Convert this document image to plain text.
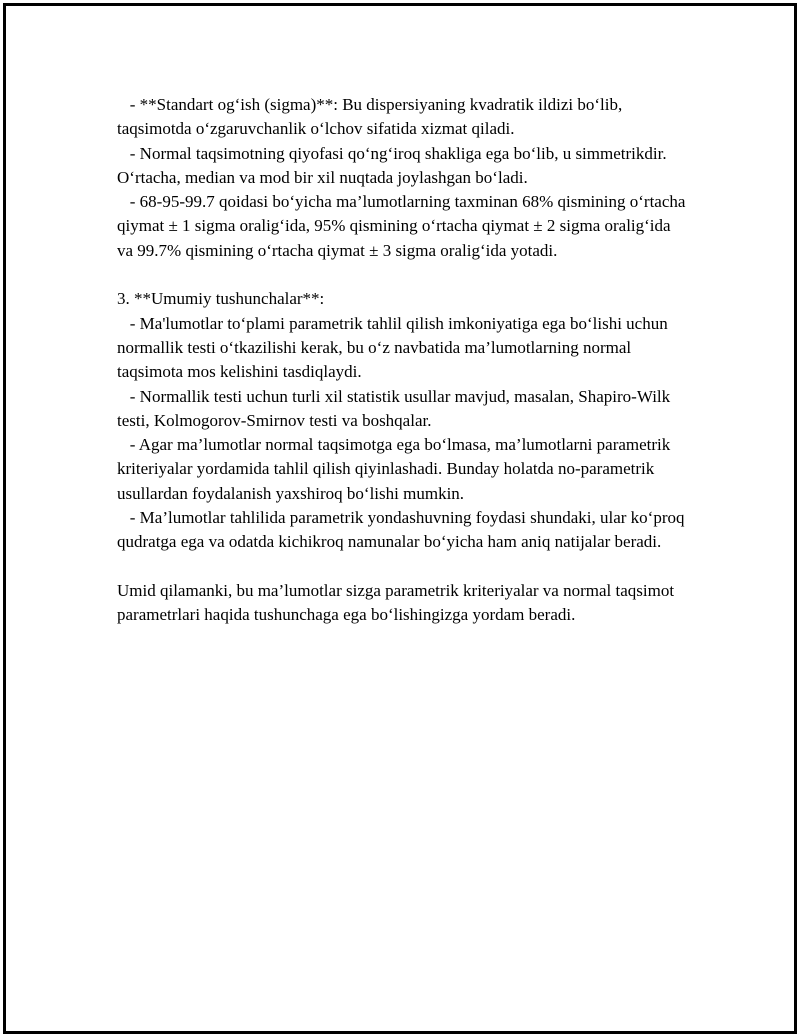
- **Standart og‘ish (sigma)**: Bu dispersiyaning kvadratik ildizi bo‘lib, taqsimotda o‘zgaruvchanlik o‘lchov sifatida xizmat qiladi.

- Normal taqsimotning qiyofasi qo‘ng‘iroq shakliga ega bo‘lib, u simmetrikdir. O‘rtacha, median va mod bir xil nuqtada joylashgan bo‘ladi.

- 68-95-99.7 qoidasi bo‘yicha ma’lumotlarning taxminan 68% qismining o‘rtacha qiymat ± 1 sigma oralig‘ida, 95% qismining o‘rtacha qiymat ± 2 sigma oralig‘ida va 99.7% qismining o‘rtacha qiymat ± 3 sigma oralig‘ida yotadi.

3. **Umumiy tushunchalar**:

- Ma'lumotlar to‘plami parametrik tahlil qilish imkoniyatiga ega bo‘lishi uchun normallik testi o‘tkazilishi kerak, bu o‘z navbatida ma’lumotlarning normal taqsimota mos kelishini tasdiqlaydi.

- Normallik testi uchun turli xil statistik usullar mavjud, masalan, Shapiro-Wilk testi, Kolmogorov-Smirnov testi va boshqalar.

- Agar ma’lumotlar normal taqsimotga ega bo‘lmasa, ma’lumotlarni parametrik kriteriyalar yordamida tahlil qilish qiyinlashadi. Bunday holatda no-parametrik usullardan foydalanish yaxshiroq bo‘lishi mumkin.

- Ma’lumotlar tahlilida parametrik yondashuvning foydasi shundaki, ular ko‘proq qudratga ega va odatda kichikroq namunalar bo‘yicha ham aniq natijalar beradi.

Umid qilamanki, bu ma’lumotlar sizga parametrik kriteriyalar va normal taqsimot parametrlari haqida tushunchaga ega bo‘lishingizga yordam beradi.
